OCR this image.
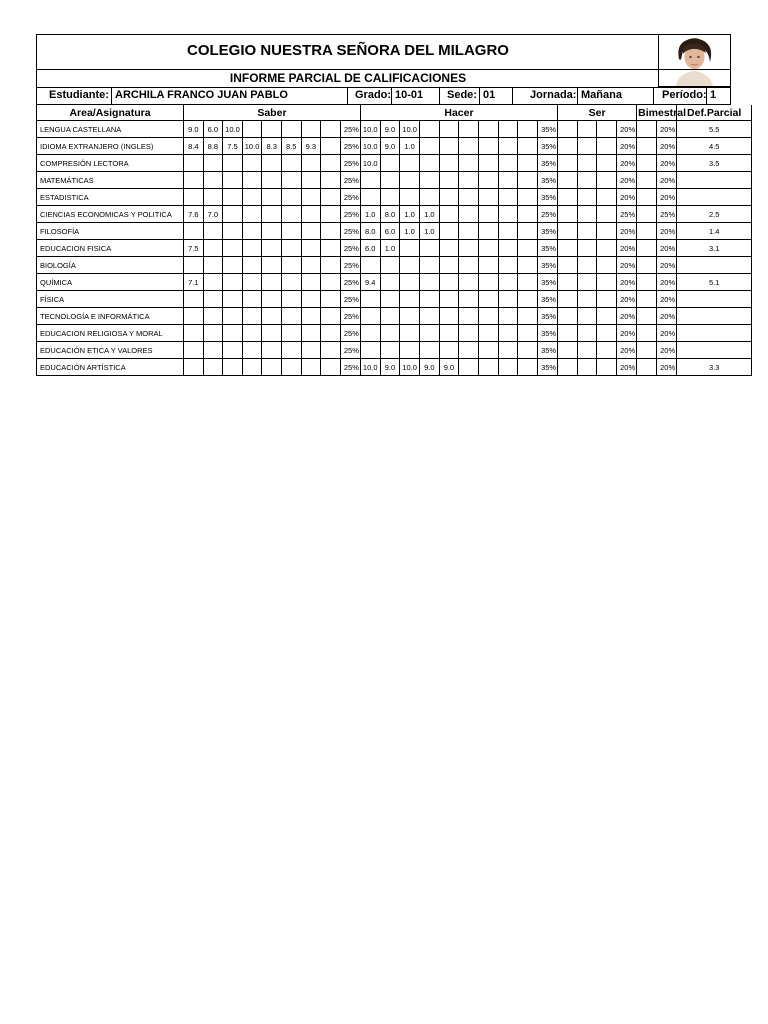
COLEGIO NUESTRA SEÑORA DEL MILAGRO
INFORME PARCIAL DE CALIFICACIONES
Estudiante: ARCHILA FRANCO JUAN PABLO	Grado: 10-01 Sede: 01	Jornada: Mañana	Período: 1
Area/Asignatura	Saber									Hacer										Ser				Bimestral		Def.Parcial
LENGUA CASTELLANA	9.0	6.0	10.0						25%	10.0	9.0	10.0							35%				20%		20%	5.5
IDIOMA EXTRANJERO (INGLES)	8.4	8.8	7.5	10.0	8.3	8.5	9.3		25%	10.0	9.0	1.0							35%				20%		20%	4.5
COMPRESIÓN LECTORA									25%	10.0									35%				20%		20%	3.5
MATEMÁTICAS									25%										35%				20%		20%	
ESTADISTICA									25%										35%				20%		20%	
CIENCIAS ECONOMICAS Y POLITICA	7.6	7.0							25%	1.0	8.0	1.0	1.0						25%				25%		25%	2.5
FILOSOFÍA									25%	8.0	6.0	1.0	1.0						35%				20%		20%	1.4
EDUCACION FISICA	7.5								25%	6.0	1.0								35%				20%		20%	3.1
BIOLOGÍA									25%										35%				20%		20%	
QUÍMICA	7.1								25%	9.4									35%				20%		20%	5.1
FÍSICA									25%										35%				20%		20%	
TECNOLOGÍA E INFORMÁTICA									25%										35%				20%		20%	
EDUCACION RELIGIOSA Y MORAL									25%										35%				20%		20%	
EDUCACIÓN ETICA Y VALORES									25%										35%				20%		20%	
EDUCACIÓN ARTÍSTICA									25%	10.0	9.0	10.0	9.0	9.0					35%				20%		20%	3.3
